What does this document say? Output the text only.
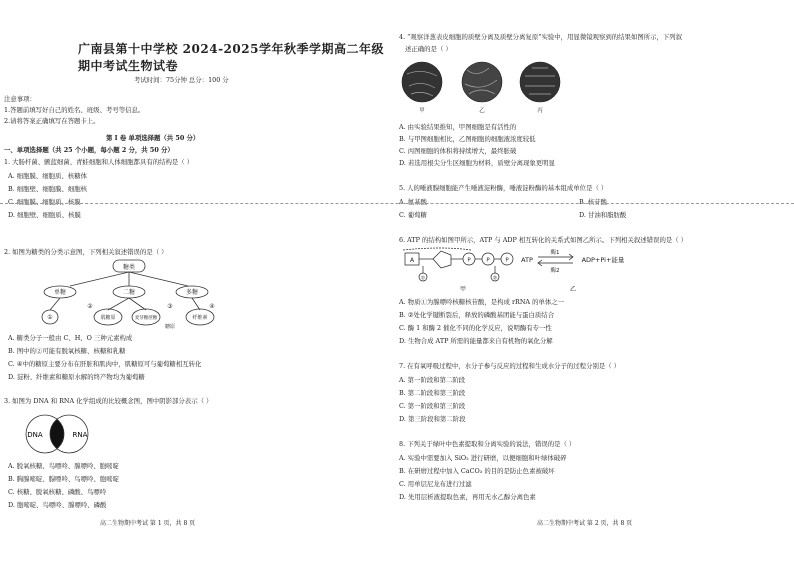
广南县第十中学校 2024-2025学年秋季学期高二年级
期中考试生物试卷
考试时间：75分钟 总分：100 分
注意事项：
1.答题前填写好自己的姓名、班级、考号等信息。
2.请将答案正确填写在答题卡上。
第 I 卷 单项选择题（共 50 分）
一、单项选择题（共 25 个小题，每小题 2 分，共 50 分）
1. 大肠杆菌、颤蓝细菌、青蛙细胞和人体细胞都具有的结构是（ ）
A. 细胞膜、细胞质、核糖体
B. 细胞壁、细胞膜、细胞核
C. 细胞膜、细胞质、核膜
D. 细胞壁、细胞质、核膜
2. 如图为糖类的分类示意图，下列相关叙述错误的是（ ）
糖类
单糖	二糖	多糖
①	肌糖原	麦芽糖蔗糖	纤维素
②	③	④
糖原
A. 糖类分子一般由 C、H、O 三种元素构成
B. 图中的②可能有脱氧核糖、核糖和乳糖
C. ④中的糖原主要分布在肝脏和肌肉中，肌糖原可与葡萄糖相互转化
D. 淀粉、纤维素和糖原水解的终产物均为葡萄糖
3. 如图为 DNA 和 RNA 化学组成的比较概念图，图中阴影部分表示（ ）
DNA	RNA
A. 脱氧核糖、鸟嘌呤、腺嘌呤、胞嘧啶
B. 胸腺嘧啶、腺嘌呤、鸟嘌呤、胞嘧啶
C. 核糖、脱氧核糖、磷酸、鸟嘌呤
D. 胞嘧啶、鸟嘌呤、腺嘌呤、磷酸
高二生物期中考试 第 1 页，共 8 页
4. “观察洋葱表皮细胞的质壁分离及质壁分离复原”实验中，用显微镜观察到的结果如图所示，下列叙
述正确的是（ ）
甲	乙	丙
A. 由实验结果推知，甲图细胞是有活性的
B. 与甲图细胞相比，乙图细胞的细胞液浓度较低
C. 丙图细胞的体积将持续增大，最终胀破
D. 若选用根尖分生区细胞为材料，质壁分离现象更明显
5. 人的唾液腺细胞能产生唾液淀粉酶，唾液淀粉酶的基本组成单位是（ ）
A. 氨基酸	B. 核苷酸
C. 葡萄糖	D. 甘油和脂肪酸
6. ATP 的结构如图甲所示，ATP 与 ADP 相互转化的关系式如图乙所示。下列相关叙述错误的是（ ）
A	P	P	P
①	②
ATP
酶1
酶2
ADP+Pi+能量
甲	乙
A. 物质①为腺嘌呤核糖核苷酸，是构成 rRNA 的单体之一
B. ②处化学键断裂后，释放的磷酸基团能与蛋白质结合
C. 酶 1 和酶 2 催化不同的化学反应，说明酶有专一性
D. 生物合成 ATP 所需的能量都来自有机物的氧化分解
7. 在有氧呼吸过程中，水分子参与反应的过程和生成水分子的过程分别是（ ）
A. 第一阶段和第二阶段
B. 第二阶段和第三阶段
C. 第一阶段和第三阶段
D. 第三阶段和第二阶段
8. 下列关于绿叶中色素提取和分离实验的说法，错误的是（ ）
A. 实验中需要加入 SiO₂ 进行研磨，以便细胞和叶绿体破碎
B. 在研磨过程中加入 CaCO₃ 的目的是防止色素被破坏
C. 用单层尼龙布进行过滤
D. 先用层析液提取色素，再用无水乙醇分离色素
高二生物期中考试 第 2 页，共 8 页
